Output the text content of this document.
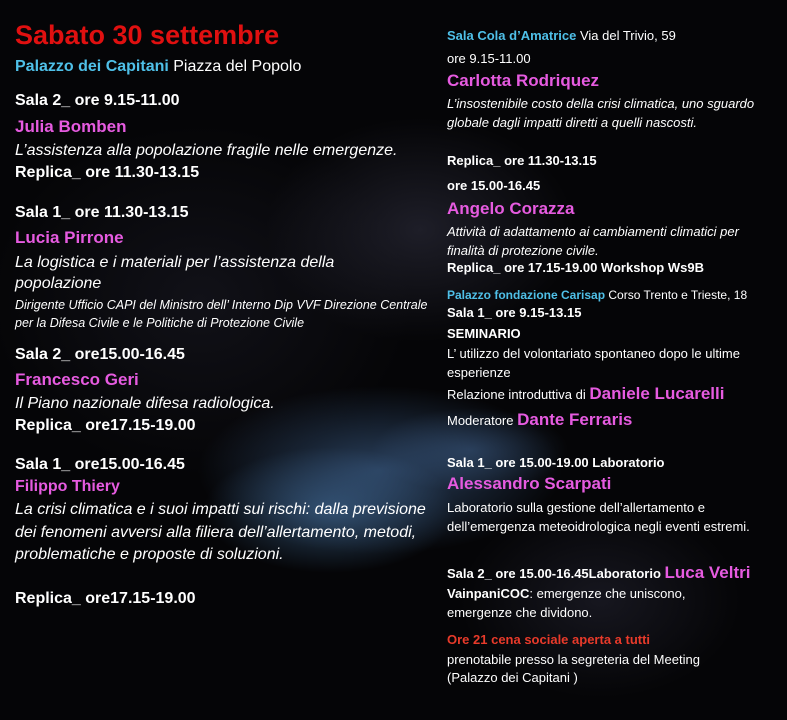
Sabato 30 settembre
Palazzo dei Capitani Piazza del Popolo
Sala 2_ ore 9.15-11.00
Julia Bomben
L’assistenza alla popolazione fragile nelle emergenze.
Replica_ ore 11.30-13.15
Sala 1_ ore 11.30-13.15
Lucia Pirrone
La logistica e i materiali per l’assistenza della popolazione
Dirigente Ufficio CAPI del Ministro dell’ Interno Dip VVF Direzione Centrale per la Difesa Civile e le Politiche di Protezione Civile
Sala 2_ ore15.00-16.45
Francesco Geri
Il Piano nazionale difesa radiologica.
Replica_ ore17.15-19.00
Sala 1_ ore15.00-16.45
Filippo Thiery
La crisi climatica e i suoi impatti sui rischi: dalla previsione dei fenomeni avversi alla filiera dell’allertamento, metodi, problematiche e proposte di soluzioni.
Replica_ ore17.15-19.00
Sala Cola d’Amatrice Via del Trivio, 59
ore 9.15-11.00
Carlotta Rodriquez
L’insostenibile costo della crisi climatica, uno sguardo globale dagli impatti diretti a quelli nascosti.
Replica_ ore 11.30-13.15
ore 15.00-16.45
Angelo Corazza
Attività di adattamento ai cambiamenti climatici per finalità di protezione civile.
Replica_ ore 17.15-19.00 Workshop Ws9B
Palazzo fondazione Carisap Corso Trento e Trieste, 18
Sala 1_ ore 9.15-13.15
SEMINARIO
L’ utilizzo del volontariato spontaneo dopo le ultime esperienze
Relazione introduttiva di Daniele Lucarelli
Moderatore Dante Ferraris
Sala 1_ ore 15.00-19.00 Laboratorio
Alessandro Scarpati
Laboratorio sulla gestione dell’allertamento e dell’emergenza meteoidrologica negli eventi estremi.
Sala 2_ ore 15.00-16.45Laboratorio Luca Veltri
VainpaniCOC: emergenze che uniscono, emergenze che dividono.
Ore 21 cena sociale aperta a tutti
prenotabile presso la segreteria del Meeting
(Palazzo dei Capitani )
